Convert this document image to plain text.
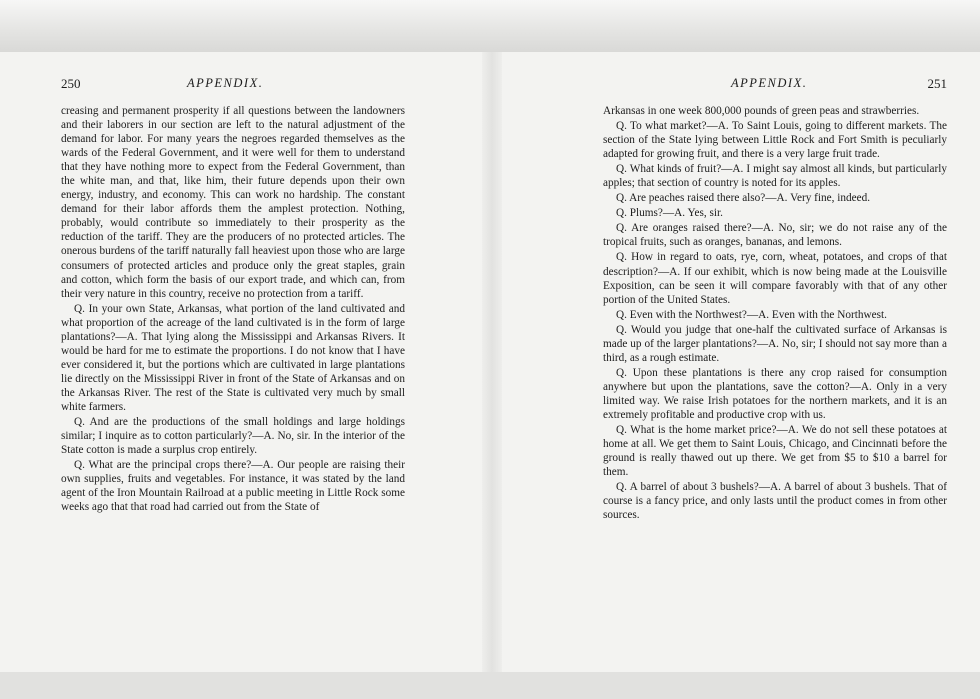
250	APPENDIX.

creasing and permanent prosperity if all questions between the landowners and their laborers in our section are left to the natural adjustment of the demand for labor. For many years the negroes regarded themselves as the wards of the Federal Government, and it were well for them to understand that they have nothing more to expect from the Federal Government, than the white man, and that, like him, their future depends upon their own energy, industry, and economy. This can work no hardship. The constant demand for their labor affords them the amplest protection. Nothing, probably, would contribute so immediately to their prosperity as the reduction of the tariff. They are the producers of no protected articles. The onerous burdens of the tariff naturally fall heaviest upon those who are large consumers of protected articles and produce only the great staples, grain and cotton, which form the basis of our export trade, and which can, from their very nature in this country, receive no protection from a tariff.

Q. In your own State, Arkansas, what portion of the land cultivated and what proportion of the acreage of the land cultivated is in the form of large plantations?—A. That lying along the Mississippi and Arkansas Rivers. It would be hard for me to estimate the proportions. I do not know that I have ever considered it, but the portions which are cultivated in large plantations lie directly on the Mississippi River in front of the State of Arkansas and on the Arkansas River. The rest of the State is cultivated very much by small white farmers.

Q. And are the productions of the small holdings and large holdings similar; I inquire as to cotton particularly?—A. No, sir. In the interior of the State cotton is made a surplus crop entirely.

Q. What are the principal crops there?—A. Our people are raising their own supplies, fruits and vegetables. For instance, it was stated by the land agent of the Iron Mountain Railroad at a public meeting in Little Rock some weeks ago that that road had carried out from the State of

APPENDIX.	251

Arkansas in one week 800,000 pounds of green peas and strawberries.

Q. To what market?—A. To Saint Louis, going to different markets. The section of the State lying between Little Rock and Fort Smith is peculiarly adapted for growing fruit, and there is a very large fruit trade.

Q. What kinds of fruit?—A. I might say almost all kinds, but particularly apples; that section of country is noted for its apples.

Q. Are peaches raised there also?—A. Very fine, indeed.

Q. Plums?—A. Yes, sir.

Q. Are oranges raised there?—A. No, sir; we do not raise any of the tropical fruits, such as oranges, bananas, and lemons.

Q. How in regard to oats, rye, corn, wheat, potatoes, and crops of that description?—A. If our exhibit, which is now being made at the Louisville Exposition, can be seen it will compare favorably with that of any other portion of the United States.

Q. Even with the Northwest?—A. Even with the Northwest.

Q. Would you judge that one-half the cultivated surface of Arkansas is made up of the larger plantations?—A. No, sir; I should not say more than a third, as a rough estimate.

Q. Upon these plantations is there any crop raised for consumption anywhere but upon the plantations, save the cotton?—A. Only in a very limited way. We raise Irish potatoes for the northern markets, and it is an extremely profitable and productive crop with us.

Q. What is the home market price?—A. We do not sell these potatoes at home at all. We get them to Saint Louis, Chicago, and Cincinnati before the ground is really thawed out up there. We get from $5 to $10 a barrel for them.

Q. A barrel of about 3 bushels?—A. A barrel of about 3 bushels. That of course is a fancy price, and only lasts until the product comes in from other sources.
